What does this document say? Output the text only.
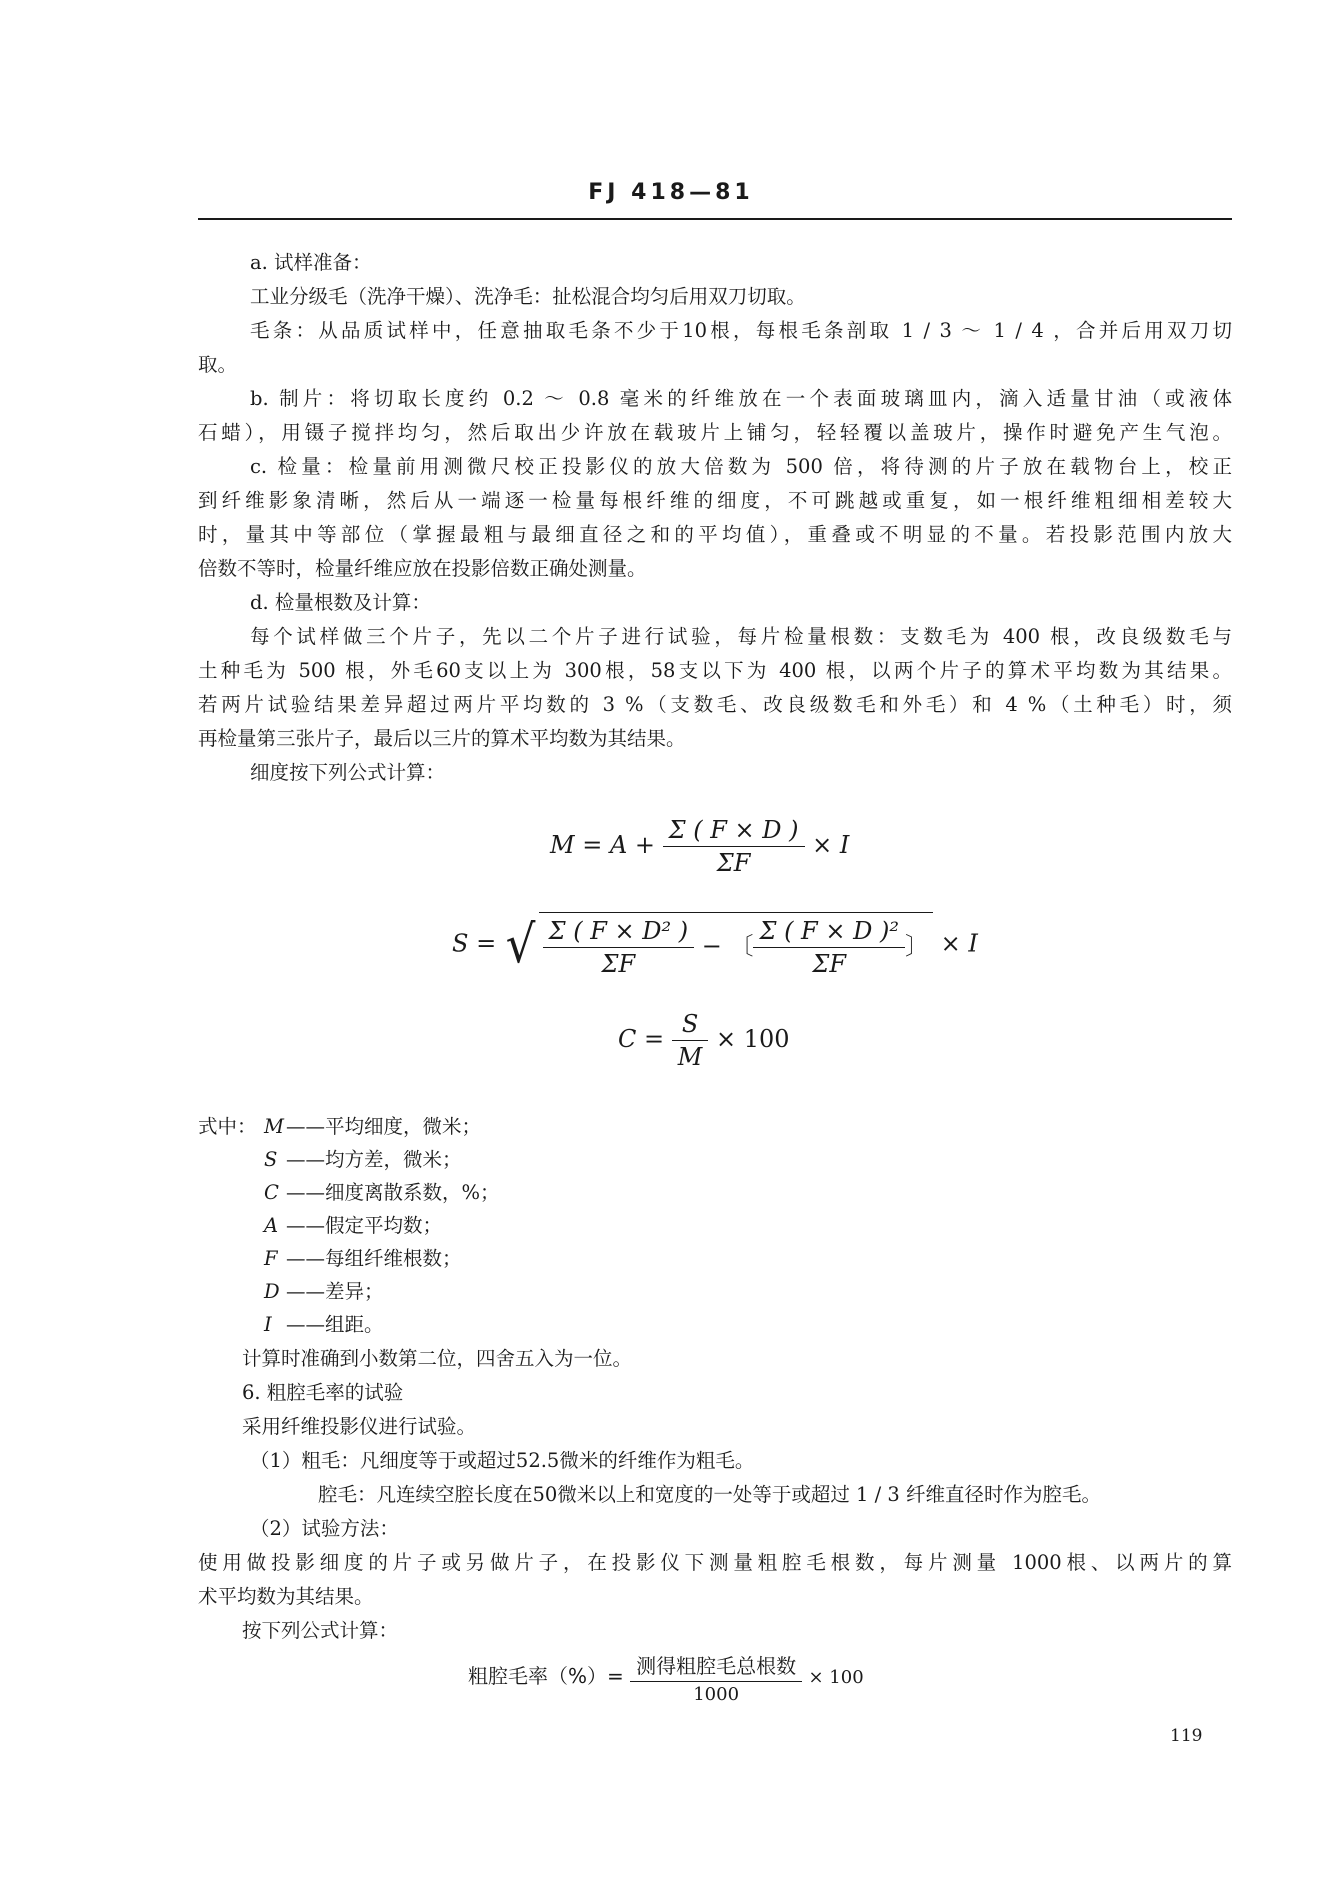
FJ 418—81
a. 试样准备：
工业分级毛（洗净干燥）、洗净毛：扯松混合均匀后用双刀切取。
毛条：从品质试样中，任意抽取毛条不少于10根，每根毛条剖取 1 / 3 ～ 1 / 4 ，合并后用双刀切
取。
b. 制片：将切取长度约 0.2 ～ 0.8 毫米的纤维放在一个表面玻璃皿内，滴入适量甘油（或液体
石蜡），用镊子搅拌均匀，然后取出少许放在载玻片上铺匀，轻轻覆以盖玻片，操作时避免产生气泡。
c. 检量：检量前用测微尺校正投影仪的放大倍数为 500 倍，将待测的片子放在载物台上，校正
到纤维影象清晰，然后从一端逐一检量每根纤维的细度，不可跳越或重复，如一根纤维粗细相差较大
时，量其中等部位（掌握最粗与最细直径之和的平均值），重叠或不明显的不量。若投影范围内放大
倍数不等时，检量纤维应放在投影倍数正确处测量。
d. 检量根数及计算：
每个试样做三个片子，先以二个片子进行试验，每片检量根数：支数毛为 400 根，改良级数毛与
土种毛为 500 根，外毛60支以上为 300根，58支以下为 400 根，以两个片子的算术平均数为其结果。
若两片试验结果差异超过两片平均数的 3 %（支数毛、改良级数毛和外毛）和 4 %（土种毛）时，须
再检量第三张片子，最后以三片的算术平均数为其结果。
细度按下列公式计算：
$M = A + \frac{\Sigma ( F \times D )}{\Sigma F} \times I$
S = √ $\frac{\text{Σ ( F × D² )}}{\Sigma F}$ − 〔 $\frac{\text{Σ ( F × D )²}}{\Sigma F}$ 〕 × I
$C = \frac{S}{M} \times 100$
式中： M ——平均细度，微米；
S ——均方差，微米；
C ——细度离散系数，%；
A ——假定平均数；
F ——每组纤维根数；
D ——差异；
I ——组距。
计算时准确到小数第二位，四舍五入为一位。
6. 粗腔毛率的试验
采用纤维投影仪进行试验。
（1）粗毛：凡细度等于或超过52.5微米的纤维作为粗毛。
腔毛：凡连续空腔长度在50微米以上和宽度的一处等于或超过 1 / 3 纤维直径时作为腔毛。
（2）试验方法：
使用做投影细度的片子或另做片子，在投影仪下测量粗腔毛根数，每片测量 1000根、以两片的算
术平均数为其结果。
按下列公式计算：
粗腔毛率（%）= $\frac{\text{测得粗腔毛总根数}}{1000} \times 100$
119
